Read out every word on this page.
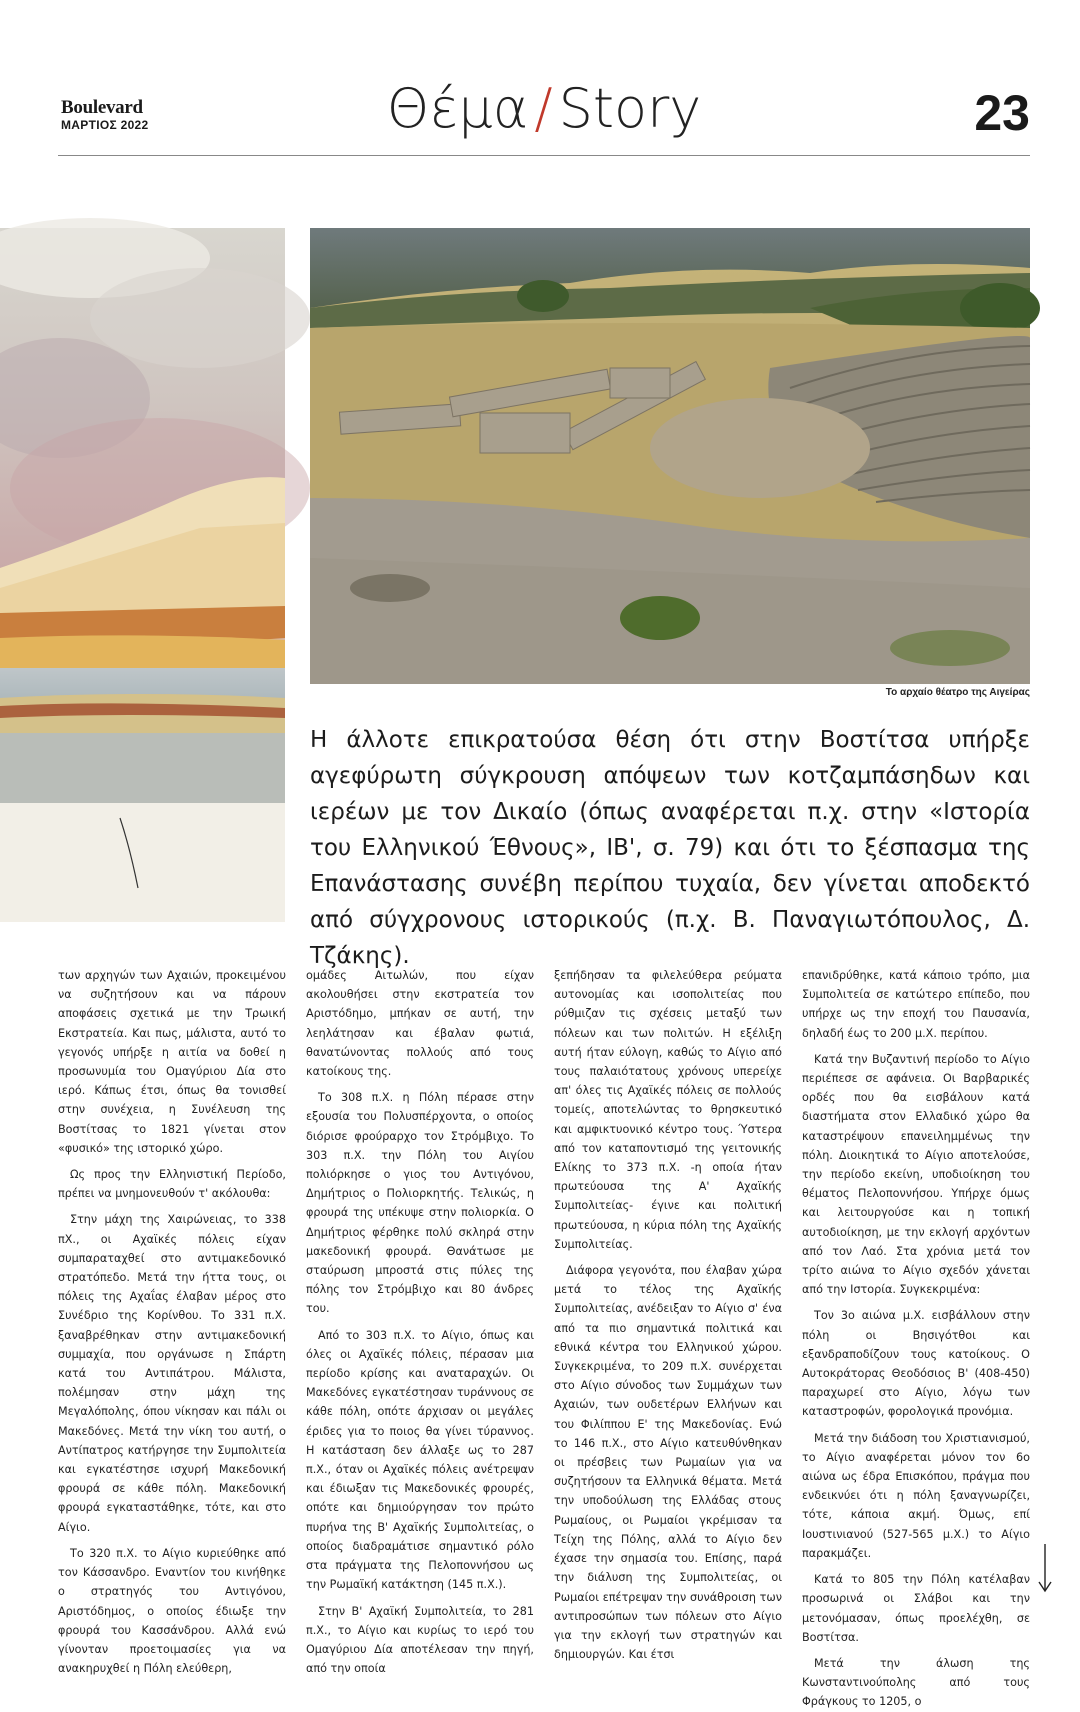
Boulevard
ΜΑΡΤΙΟΣ 2022	Θέμα / Story	23
Το αρχαίο θέατρο της Αιγείρας
Η άλλοτε επικρατούσα θέση ότι στην Βοστίτσα υπήρξε αγεφύρωτη σύγκρουση απόψεων των κοτζαμπάσηδων και ιερέων με τον Δικαίο (όπως αναφέρεται π.χ. στην «Ιστορία του Ελληνικού Έθνους», ΙΒ', σ. 79) και ότι το ξέσπασμα της Επανάστασης συνέβη περίπου τυχαία, δεν γίνεται αποδεκτό από σύγχρονους ιστορικούς (π.χ. Β. Παναγιωτόπουλος, Δ. Τζάκης).

των αρχηγών των Αχαιών, προκειμένου να συζητήσουν και να πάρουν αποφάσεις σχετικά με την Τρωική Εκστρατεία. Και πως, μάλιστα, αυτό το γεγονός υπήρξε η αιτία να δοθεί η προσωνυμία του Ομαγύριου Δία στο ιερό. Κάπως έτσι, όπως θα τονισθεί στην συνέχεια, η Συνέλευση της Βοστίτσας το 1821 γίνεται στον «φυσικό» της ιστορικό χώρο.

Ως προς την Ελληνιστική Περίοδο, πρέπει να μνημονευθούν τ' ακόλουθα:

Στην μάχη της Χαιρώνειας, το 338 πΧ., οι Αχαϊκές πόλεις είχαν συμπαραταχθεί στο αντιμακεδονικό στρατόπεδο. Μετά την ήττα τους, οι πόλεις της Αχαΐας έλαβαν μέρος στο Συνέδριο της Κορίνθου. Το 331 π.Χ. ξαναβρέθηκαν στην αντιμακεδονική συμμαχία, που οργάνωσε η Σπάρτη κατά του Αντιπάτρου. Μάλιστα, πολέμησαν στην μάχη της Μεγαλόπολης, όπου νίκησαν και πάλι οι Μακεδόνες. Μετά την νίκη του αυτή, ο Αντίπατρος κατήργησε την Συμπολιτεία και εγκατέστησε ισχυρή Μακεδονική φρουρά σε κάθε πόλη. Μακεδονική φρουρά εγκαταστάθηκε, τότε, και στο Αίγιο.

Το 320 π.Χ. το Αίγιο κυριεύθηκε από τον Κάσσανδρο. Εναντίον του κινήθηκε ο στρατηγός του Αντιγόνου, Αριστόδημος, ο οποίος έδιωξε την φρουρά του Κασσάνδρου. Αλλά ενώ γίνονταν προετοιμασίες για να ανακηρυχθεί η Πόλη ελεύθερη,

ομάδες Αιτωλών, που είχαν ακολουθήσει στην εκστρατεία τον Αριστόδημο, μπήκαν σε αυτή, την λεηλάτησαν και έβαλαν φωτιά, θανατώνοντας πολλούς από τους κατοίκους της.

Το 308 π.Χ. η Πόλη πέρασε στην εξουσία του Πολυσπέρχοντα, ο οποίος διόρισε φρούραρχο τον Στρόμβιχο. Το 303 π.Χ. την Πόλη του Αιγίου πολιόρκησε ο γιος του Αντιγόνου, Δημήτριος ο Πολιορκητής. Τελικώς, η φρουρά της υπέκυψε στην πολιορκία. Ο Δημήτριος φέρθηκε πολύ σκληρά στην μακεδονική φρουρά. Θανάτωσε με σταύρωση μπροστά στις πύλες της πόλης τον Στρόμβιχο και 80 άνδρες του.

Από το 303 π.Χ. το Αίγιο, όπως και όλες οι Αχαϊκές πόλεις, πέρασαν μια περίοδο κρίσης και αναταραχών. Οι Μακεδόνες εγκατέστησαν τυράννους σε κάθε πόλη, οπότε άρχισαν οι μεγάλες έριδες για το ποιος θα γίνει τύραννος. Η κατάσταση δεν άλλαξε ως το 287 π.Χ., όταν οι Αχαϊκές πόλεις ανέτρεψαν και έδιωξαν τις Μακεδονικές φρουρές, οπότε και δημιούργησαν τον πρώτο πυρήνα της Β' Αχαϊκής Συμπολιτείας, ο οποίος διαδραμάτισε σημαντικό ρόλο στα πράγματα της Πελοποννήσου ως την Ρωμαϊκή κατάκτηση (145 π.Χ.).

Στην Β' Αχαϊκή Συμπολιτεία, το 281 π.Χ., το Αίγιο και κυρίως το ιερό του Ομαγύριου Δία αποτέλεσαν την πηγή, από την οποία

ξεπήδησαν τα φιλελεύθερα ρεύματα αυτονομίας και ισοπολιτείας που ρύθμιζαν τις σχέσεις μεταξύ των πόλεων και των πολιτών. Η εξέλιξη αυτή ήταν εύλογη, καθώς το Αίγιο από τους παλαιότατους χρόνους υπερείχε απ' όλες τις Αχαϊκές πόλεις σε πολλούς τομείς, αποτελώντας το θρησκευτικό και αμφικτυονικό κέντρο τους. Ύστερα από τον καταποντισμό της γειτονικής Ελίκης το 373 π.Χ. -η οποία ήταν πρωτεύουσα της Α' Αχαϊκής Συμπολιτείας- έγινε και πολιτική πρωτεύουσα, η κύρια πόλη της Αχαϊκής Συμπολιτείας.

Διάφορα γεγονότα, που έλαβαν χώρα μετά το τέλος της Αχαϊκής Συμπολιτείας, ανέδειξαν το Αίγιο σ' ένα από τα πιο σημαντικά πολιτικά και εθνικά κέντρα του Ελληνικού χώρου. Συγκεκριμένα, το 209 π.Χ. συνέρχεται στο Αίγιο σύνοδος των Συμμάχων των Αχαιών, των ουδετέρων Ελλήνων και του Φιλίππου Ε' της Μακεδονίας. Ενώ το 146 π.Χ., στο Αίγιο κατευθύνθηκαν οι πρέσβεις των Ρωμαίων για να συζητήσουν τα Ελληνικά θέματα. Μετά την υποδούλωση της Ελλάδας στους Ρωμαίους, οι Ρωμαίοι γκρέμισαν τα Τείχη της Πόλης, αλλά το Αίγιο δεν έχασε την σημασία του. Επίσης, παρά την διάλυση της Συμπολιτείας, οι Ρωμαίοι επέτρεψαν την συνάθροιση των αντιπροσώπων των πόλεων στο Αίγιο για την εκλογή των στρατηγών και δημιουργών. Και έτσι

επανιδρύθηκε, κατά κάποιο τρόπο, μια Συμπολιτεία σε κατώτερο επίπεδο, που υπήρχε ως την εποχή του Παυσανία, δηλαδή έως το 200 μ.Χ. περίπου.

Κατά την Βυζαντινή περίοδο το Αίγιο περιέπεσε σε αφάνεια. Οι Βαρβαρικές ορδές που θα εισβάλουν κατά διαστήματα στον Ελλαδικό χώρο θα καταστρέψουν επανειλημμένως την πόλη. Διοικητικά το Αίγιο αποτελούσε, την περίοδο εκείνη, υποδιοίκηση του θέματος Πελοποννήσου. Υπήρχε όμως και λειτουργούσε και η τοπική αυτοδιοίκηση, με την εκλογή αρχόντων από τον Λαό. Στα χρόνια μετά τον τρίτο αιώνα το Αίγιο σχεδόν χάνεται από την Ιστορία. Συγκεκριμένα:

Τον 3ο αιώνα μ.Χ. εισβάλλουν στην πόλη οι Βησιγότθοι και εξανδραποδίζουν τους κατοίκους. Ο Αυτοκράτορας Θεοδόσιος Β' (408-450) παραχωρεί στο Αίγιο, λόγω των καταστροφών, φορολογικά προνόμια.

Μετά την διάδοση του Χριστιανισμού, το Αίγιο αναφέρεται μόνον τον 6ο αιώνα ως έδρα Επισκόπου, πράγμα που ενδεικνύει ότι η πόλη ξαναγνωρίζει, τότε, κάποια ακμή. Όμως, επί Ιουστινιανού (527-565 μ.Χ.) το Αίγιο παρακμάζει.

Κατά το 805 την Πόλη κατέλαβαν προσωρινά οι Σλάβοι και την μετονόμασαν, όπως προελέχθη, σε Βοστίτσα.

Μετά την άλωση της Κωνσταντινούπολης από τους Φράγκους το 1205, ο
